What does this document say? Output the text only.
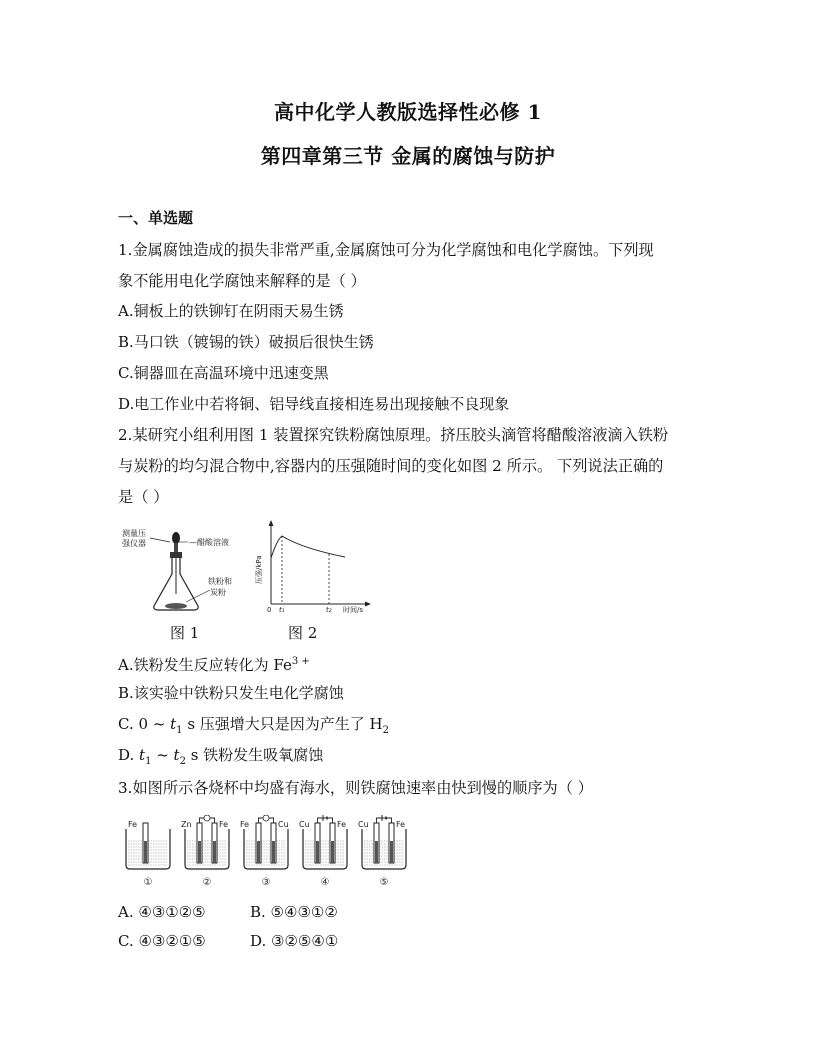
高中化学人教版选择性必修 1
第四章第三节 金属的腐蚀与防护
一、单选题
1.金属腐蚀造成的损失非常严重,金属腐蚀可分为化学腐蚀和电化学腐蚀。下列现
象不能用电化学腐蚀来解释的是（ ）
A.铜板上的铁铆钉在阴雨天易生锈
B.马口铁（镀锡的铁）破损后很快生锈
C.铜器皿在高温环境中迅速变黑
D.电工作业中若将铜、铝导线直接相连易出现接触不良现象
2.某研究小组利用图 1 装置探究铁粉腐蚀原理。挤压胶头滴管将醋酸溶液滴入铁粉
与炭粉的均匀混合物中,容器内的压强随时间的变化如图 2 所示。 下列说法正确的
是（ ）
测量压
强仪器	—醋酸溶液
铁粉和
炭粉
图 1
压强/kPa
0 t₁	t₂ 时间/s
图 2
A.铁粉发生反应转化为 $Fe^{3 +}$
B.该实验中铁粉只发生电化学腐蚀
C. 0 ~ $t_1$ s 压强增大只是因为产生了 $H_2$
D. $t_1$ ~ $t_2$ s 铁粉发生吸氧腐蚀
3.如图所示各烧杯中均盛有海水，则铁腐蚀速率由快到慢的顺序为（ ）
Fe
①
Fe
Zn
②
Cu
Fe
③
Fe
Cu
④
Fe
Cu
⑤
A. ④③①②⑤	B. ⑤④③①②
C. ④③②①⑤	D. ③②⑤④①
